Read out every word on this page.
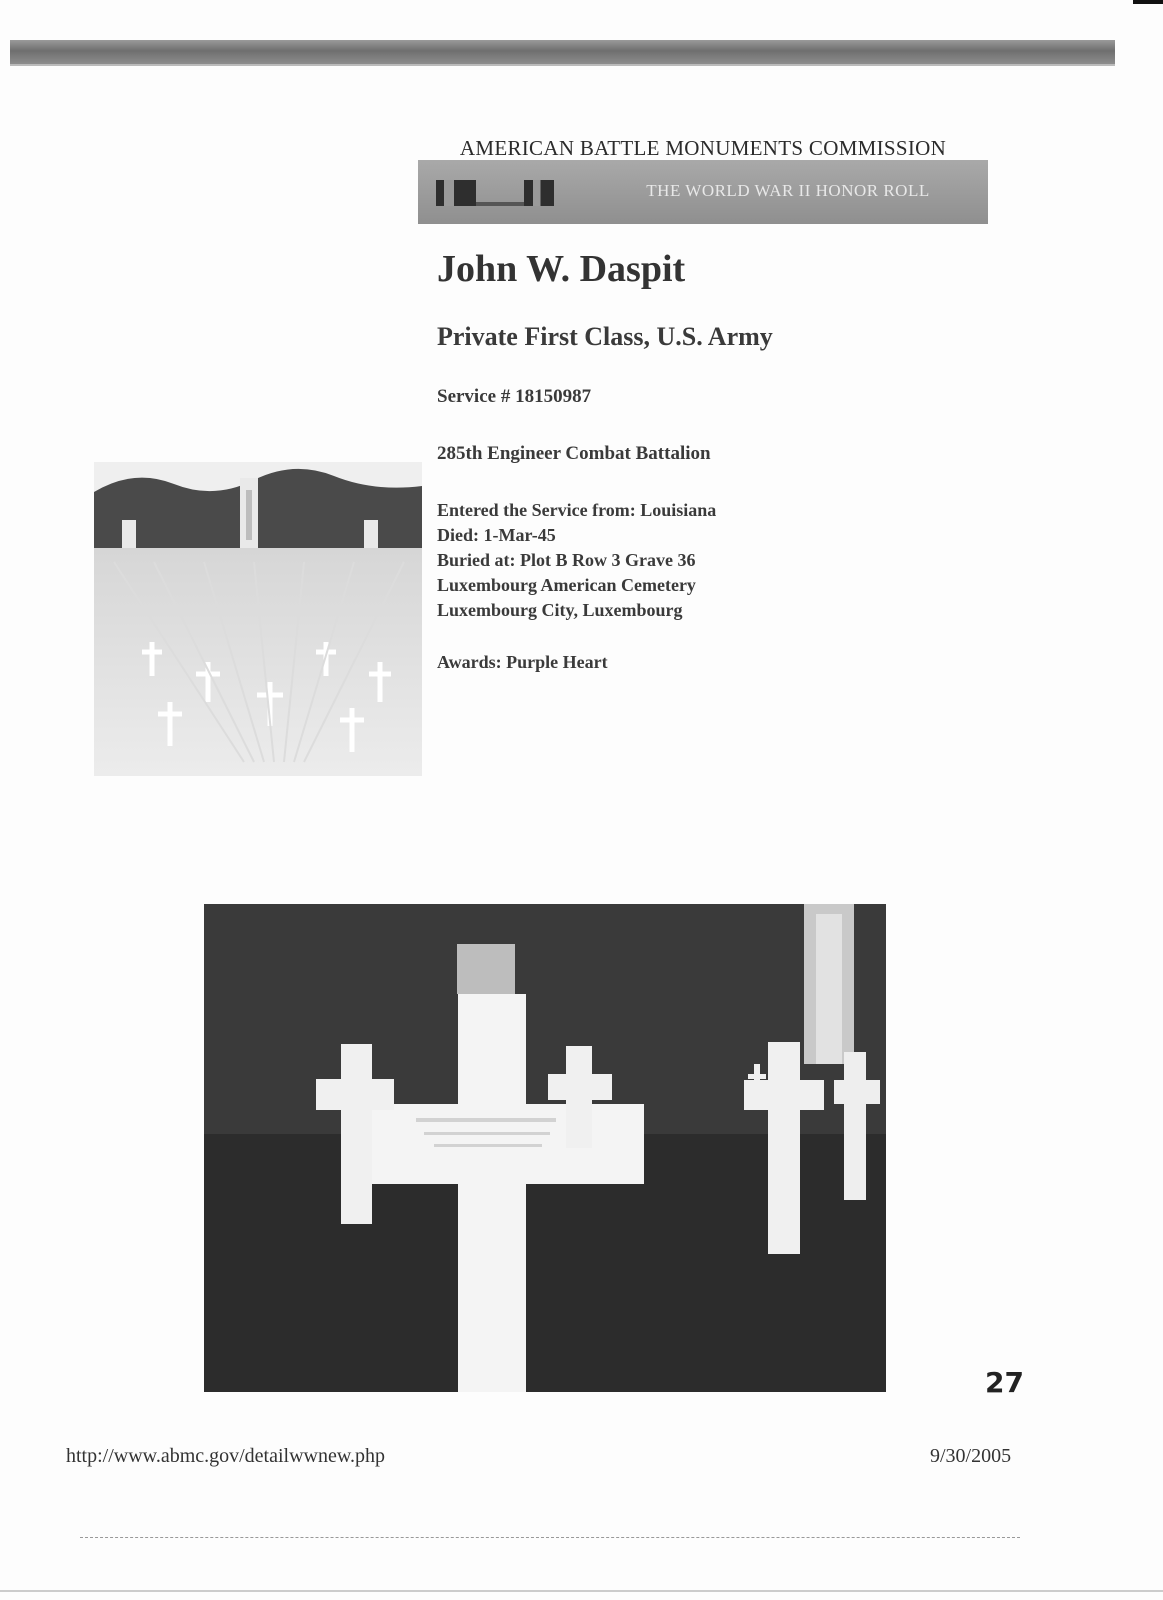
AMERICAN BATTLE MONUMENTS COMMISSION
THE WORLD WAR II HONOR ROLL
John W. Daspit
Private First Class, U.S. Army
Service # 18150987
285th Engineer Combat Battalion
Entered the Service from: Louisiana
Died: 1-Mar-45
Buried at: Plot B Row 3 Grave 36
Luxembourg American Cemetery
Luxembourg City, Luxembourg
Awards: Purple Heart
27
http://www.abmc.gov/detailwwnew.php	9/30/2005
